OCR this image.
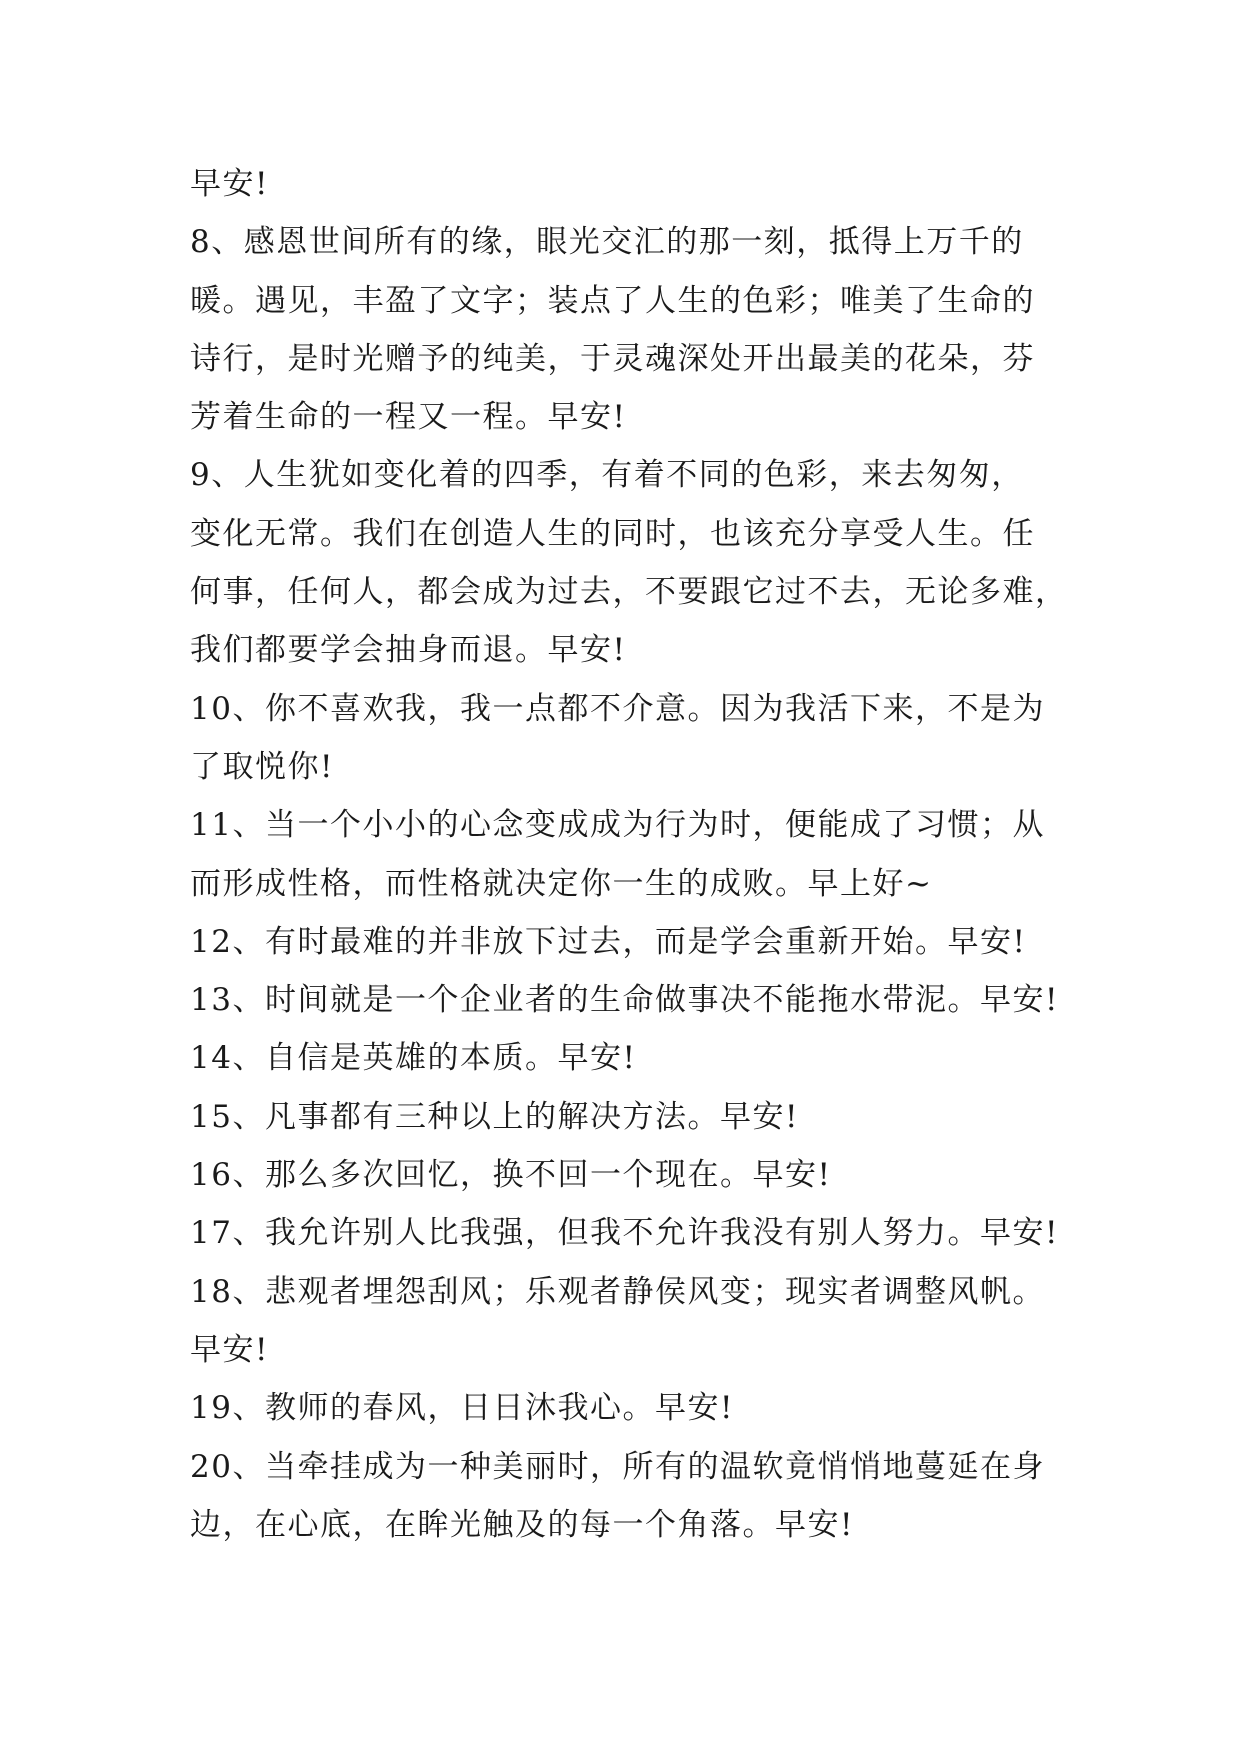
早安!
8、感恩世间所有的缘，眼光交汇的那一刻，抵得上万千的
暖。遇见，丰盈了文字；装点了人生的色彩；唯美了生命的
诗行，是时光赠予的纯美，于灵魂深处开出最美的花朵，芬
芳着生命的一程又一程。早安!
9、人生犹如变化着的四季，有着不同的色彩，来去匆匆，
变化无常。我们在创造人生的同时，也该充分享受人生。任
何事，任何人，都会成为过去，不要跟它过不去，无论多难，
我们都要学会抽身而退。早安!
10、你不喜欢我，我一点都不介意。因为我活下来，不是为
了取悦你!
11、当一个小小的心念变成成为行为时，便能成了习惯；从
而形成性格，而性格就决定你一生的成败。早上好~
12、有时最难的并非放下过去，而是学会重新开始。早安!
13、时间就是一个企业者的生命做事决不能拖水带泥。早安!
14、自信是英雄的本质。早安!
15、凡事都有三种以上的解决方法。早安!
16、那么多次回忆，换不回一个现在。早安!
17、我允许别人比我强，但我不允许我没有别人努力。早安!
18、悲观者埋怨刮风；乐观者静侯风变；现实者调整风帆。
早安!
19、教师的春风，日日沐我心。早安!
20、当牵挂成为一种美丽时，所有的温软竟悄悄地蔓延在身
边，在心底，在眸光触及的每一个角落。早安!
